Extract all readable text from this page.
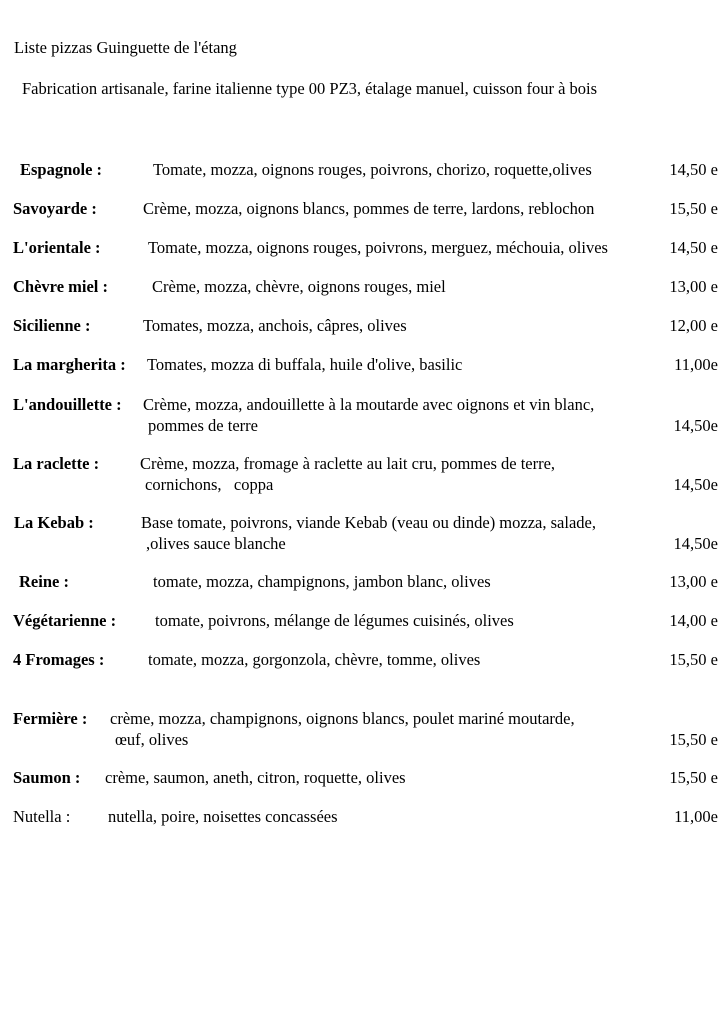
Liste pizzas Guinguette de l'étang
Fabrication artisanale, farine italienne type 00 PZ3, étalage manuel, cuisson four à bois
Espagnole :	Tomate, mozza, oignons rouges, poivrons, chorizo, roquette,olives	14,50 e
Savoyarde :	Crème, mozza, oignons blancs, pommes de terre, lardons, reblochon	15,50 e
L'orientale :	Tomate, mozza, oignons rouges, poivrons, merguez, méchouia, olives	14,50 e
Chèvre miel :	Crème, mozza, chèvre, oignons rouges, miel	13,00 e
Sicilienne :	Tomates, mozza, anchois, câpres, olives	12,00 e
La margherita : Tomates, mozza di buffala, huile d'olive, basilic	11,00e
L'andouillette : Crème, mozza, andouillette à la moutarde avec oignons et vin blanc,
pommes de terre	14,50e
La raclette : Crème, mozza, fromage à raclette au lait cru, pommes de terre,
cornichons,   coppa	14,50e
La Kebab :	Base tomate, poivrons, viande Kebab (veau ou dinde) mozza, salade,
,olives sauce blanche	14,50e
Reine :	tomate, mozza, champignons, jambon blanc, olives	13,00 e
Végétarienne : tomate, poivrons, mélange de légumes cuisinés, olives	14,00 e
4 Fromages :	tomate, mozza, gorgonzola, chèvre, tomme, olives	15,50 e
Fermière : crème, mozza, champignons, oignons blancs, poulet mariné moutarde,
œuf, olives	15,50 e
Saumon : crème, saumon, aneth, citron, roquette, olives	15,50 e
Nutella : nutella, poire, noisettes concassées	11,00e
